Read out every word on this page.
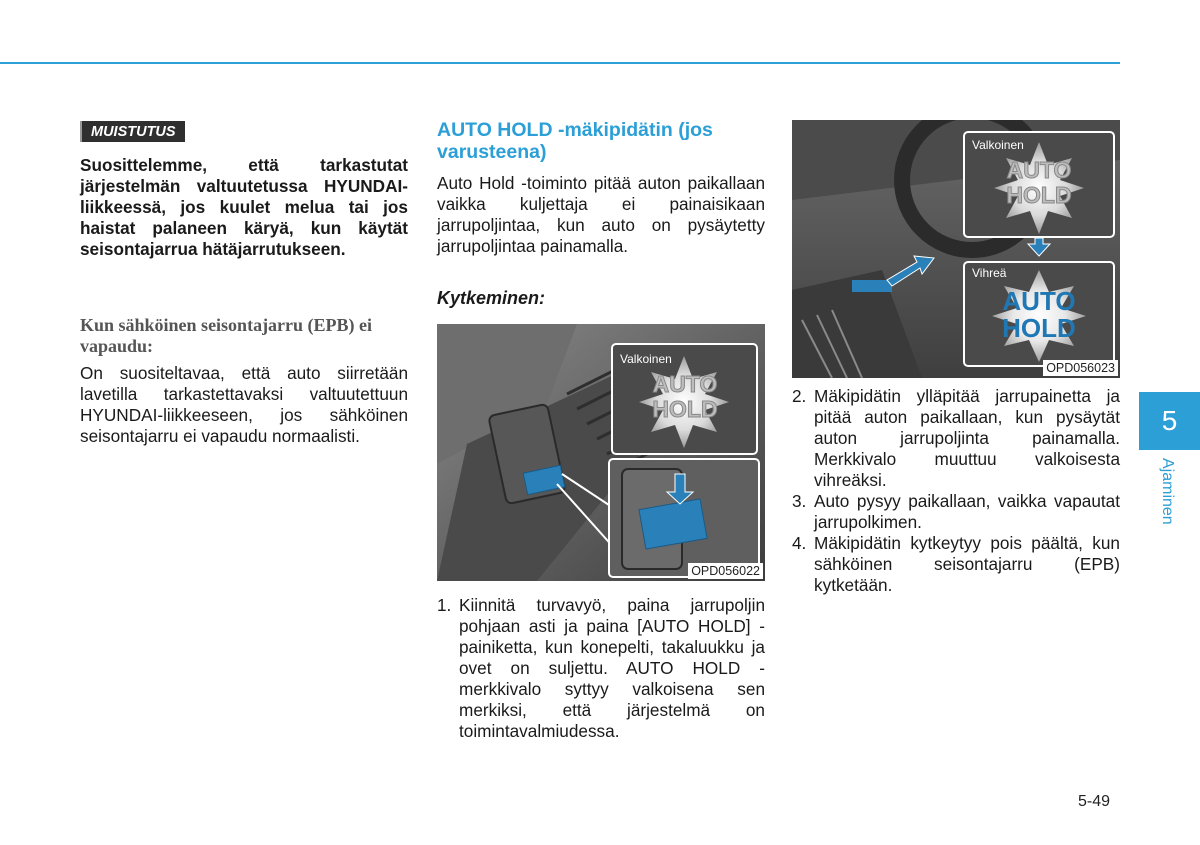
MUISTUTUS
Suosittelemme, että tarkastutat järjestelmän valtuutetussa HYUNDAI-liikkeessä, jos kuulet melua tai jos haistat palaneen käryä, kun käytät seisontajarrua hätäjarrutukseen.
Kun sähköinen seisontajarru (EPB) ei vapaudu:
On suositeltavaa, että auto siirretään lavetilla tarkastettavaksi valtuutettuun HYUNDAI-liikkeeseen, jos sähköinen seisontajarru ei vapaudu normaalisti.
AUTO HOLD -mäkipidätin (jos varusteena)
Auto Hold -toiminto pitää auton paikallaan vaikka kuljettaja ei painaisikaan jarrupoljintaa, kun auto on pysäytetty jarrupoljintaa painamalla.
Kytkeminen:
Valkoinen
AUTO
HOLD
OPD056022
1. Kiinnitä turvavyö, paina jarrupoljin pohjaan asti ja paina [AUTO HOLD] -painiketta, kun konepelti, takaluukku ja ovet on suljettu. AUTO HOLD -merkkivalo syttyy valkoisena sen merkiksi, että järjestelmä on toimintavalmiudessa.
Valkoinen
AUTO
HOLD
Vihreä
AUTO
HOLD
OPD056023
2. Mäkipidätin ylläpitää jarrupainetta ja pitää auton paikallaan, kun pysäytät auton jarrupoljinta painamalla. Merkkivalo muuttuu valkoisesta vihreäksi.
3. Auto pysyy paikallaan, vaikka vapautat jarrupolkimen.
4. Mäkipidätin kytkeytyy pois päältä, kun sähköinen seisontajarru (EPB) kytketään.
5
Ajaminen
5-49
